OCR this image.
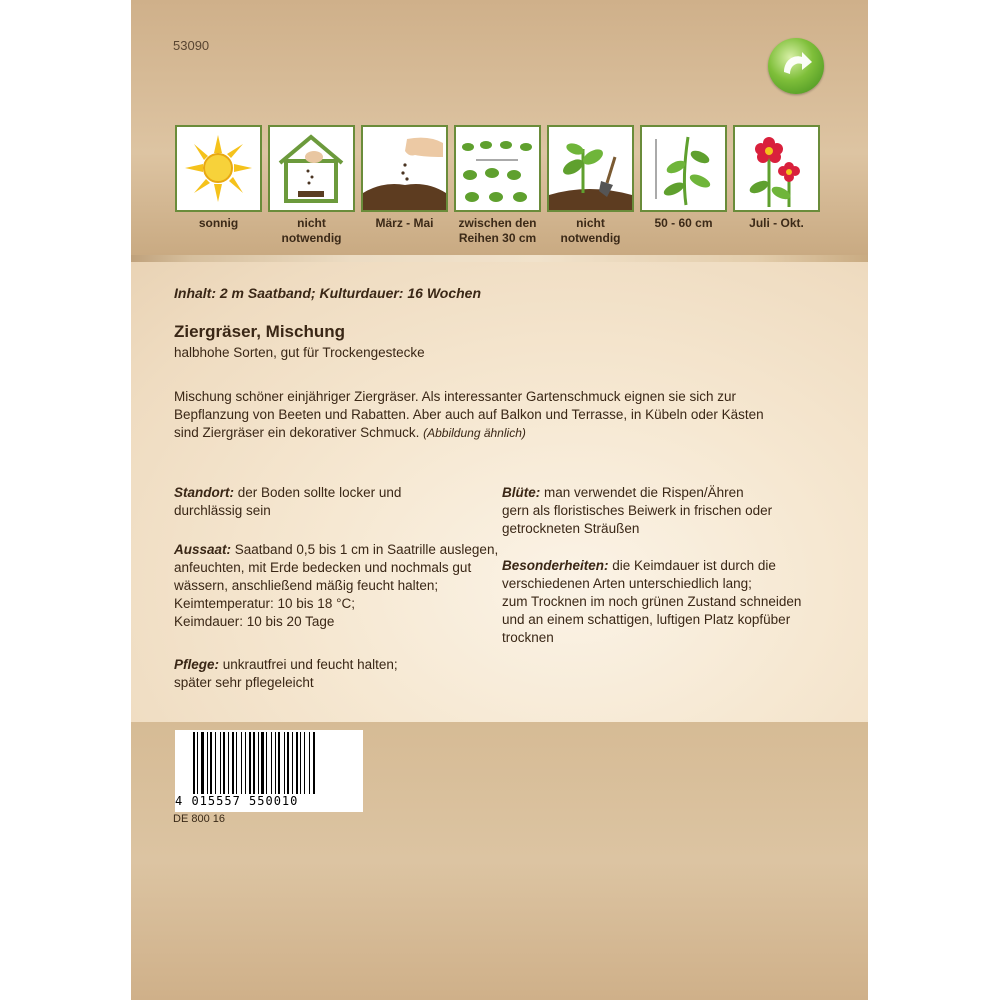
53090
sonnig	nicht
notwendig
März - Mai	zwischen den
Reihen 30 cm
nicht
notwendig
50 - 60 cm	Juli - Okt.
Inhalt: 2 m Saatband; Kulturdauer: 16 Wochen
Ziergräser, Mischung
halbhohe Sorten, gut für Trockengestecke
Mischung schöner einjähriger Ziergräser. Als interessanter Gartenschmuck eignen sie sich zur
Bepflanzung von Beeten und Rabatten. Aber auch auf Balkon und Terrasse, in Kübeln oder Kästen
sind Ziergräser ein dekorativer Schmuck. (Abbildung ähnlich)
Standort: der Boden sollte locker und
durchlässig sein
Aussaat: Saatband 0,5 bis 1 cm in Saatrille auslegen,
anfeuchten, mit Erde bedecken und nochmals gut
wässern, anschließend mäßig feucht halten;
Keimtemperatur: 10 bis 18 °C;
Keimdauer: 10 bis 20 Tage
Pflege: unkrautfrei und feucht halten;
später sehr pflegeleicht
Blüte: man verwendet die Rispen/Ähren
gern als floristisches Beiwerk in frischen oder
getrockneten Sträußen
Besonderheiten: die Keimdauer ist durch die
verschiedenen Arten unterschiedlich lang;
zum Trocknen im noch grünen Zustand schneiden
und an einem schattigen, luftigen Platz kopfüber
trocknen
4 015557 550010
DE 800 16
